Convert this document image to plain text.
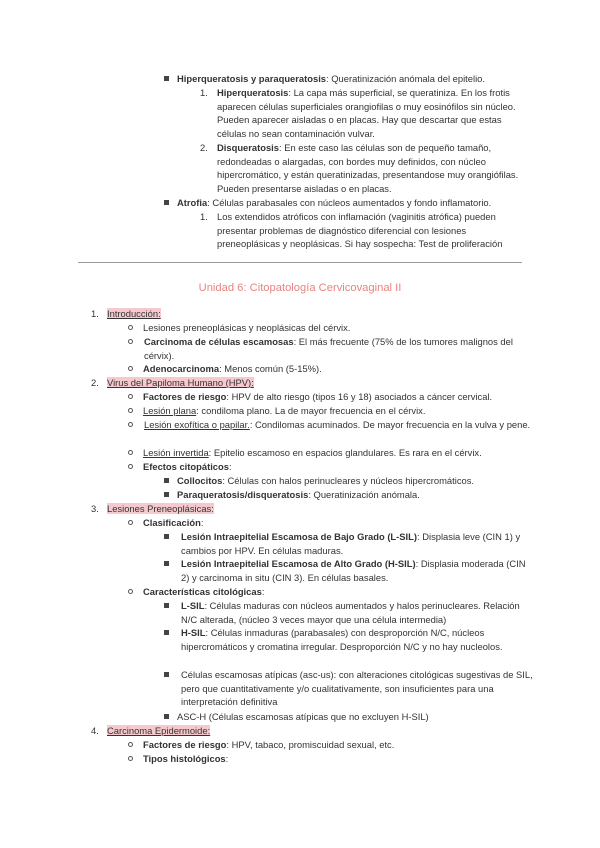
Hiperqueratosis y paraqueratosis: Queratinización anómala del epitelio.
1. Hiperqueratosis: La capa más superficial, se queratiniza. En los frotis aparecen células superficiales orangiofilas o muy eosinófilos sin núcleo. Pueden aparecer aisladas o en placas. Hay que descartar que estas células no sean contaminación vulvar.
2. Disqueratosis: En este caso las células son de pequeño tamaño, redondeadas o alargadas, con bordes muy definidos, con núcleo hipercromático, y están queratinizadas, presentandose muy orangiófilas. Pueden presentarse aisladas o en placas.
Atrofia: Células parabasales con núcleos aumentados y fondo inflamatorio.
1. Los extendidos atróficos con inflamación (vaginitis atrófica) pueden presentar problemas de diagnóstico diferencial con lesiones preneoplásicas y neoplásicas. Si hay sospecha: Test de proliferación
Unidad 6: Citopatología Cervicovaginal II
1. Introducción:
Lesiones preneoplásicas y neoplásicas del cérvix.
Carcinoma de células escamosas: El más frecuente (75% de los tumores malignos del cérvix).
Adenocarcinoma: Menos común (5-15%).
2. Virus del Papiloma Humano (HPV):
Factores de riesgo: HPV de alto riesgo (tipos 16 y 18) asociados a cáncer cervical.
Lesión plana: condiloma plano. La de mayor frecuencia en el cérvix.
Lesión exofítica o papilar.: Condilomas acuminados. De mayor frecuencia en la vulva y pene.
Lesión invertida: Epitelio escamoso en espacios glandulares. Es rara en el cérvix.
Efectos citopáticos:
Collocitos: Células con halos perinucleares y núcleos hipercromáticos.
Paraqueratosis/disqueratosis: Queratinización anómala.
3. Lesiones Preneoplásicas:
Clasificación:
Lesión Intraepitelial Escamosa de Bajo Grado (L-SIL): Displasia leve (CIN 1) y cambios por HPV. En células maduras.
Lesión Intraepitelial Escamosa de Alto Grado (H-SIL): Displasia moderada (CIN 2) y carcinoma in situ (CIN 3). En células basales.
Características citológicas:
L-SIL: Células maduras con núcleos aumentados y halos perinucleares. Relación N/C alterada, (núcleo 3 veces mayor que una célula intermedia)
H-SIL: Células inmaduras (parabasales) con desproporción N/C, núcleos hipercromáticos y cromatina irregular. Desproporción N/C y no hay nucleolos.
Células escamosas atípicas (asc-us): con alteraciones citológicas sugestivas de SIL, pero que cuantitativamente y/o cualitativamente, son insuficientes para una interpretación definitiva
ASC-H (Células escamosas atípicas que no excluyen H-SIL)
4. Carcinoma Epidermoide:
Factores de riesgo: HPV, tabaco, promiscuidad sexual, etc.
Tipos histológicos:
